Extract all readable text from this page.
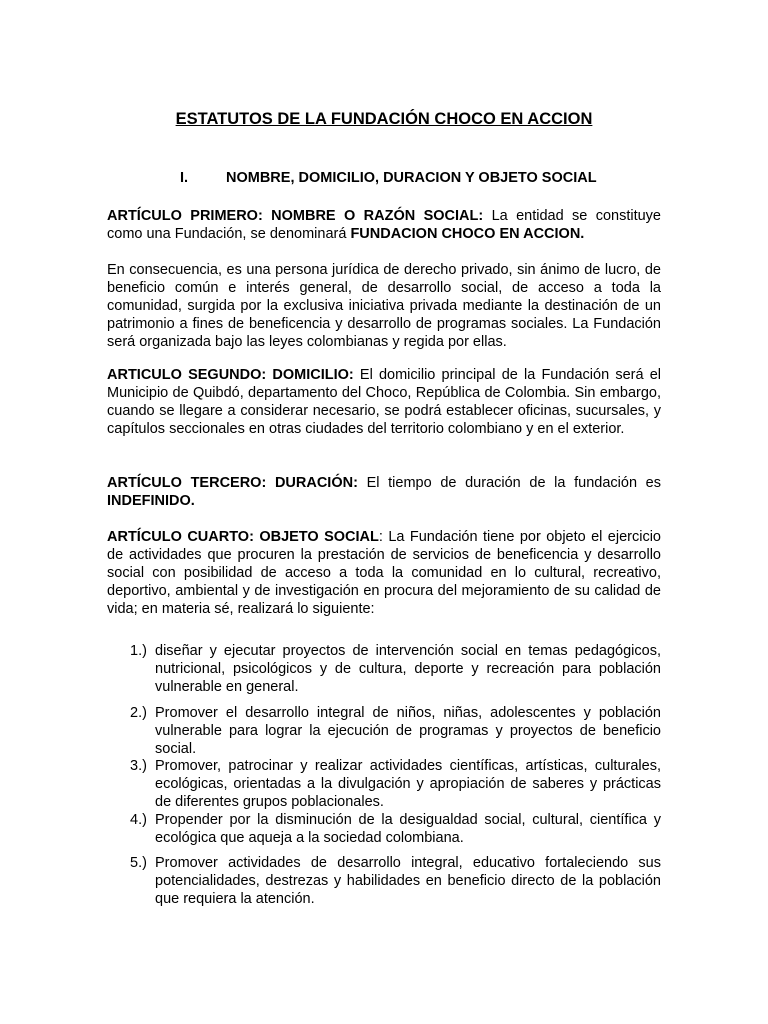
ESTATUTOS DE LA FUNDACIÓN CHOCO EN ACCION
I.	NOMBRE, DOMICILIO, DURACION Y OBJETO SOCIAL

ARTÍCULO PRIMERO: NOMBRE O RAZÓN SOCIAL: La entidad se constituye como una Fundación, se denominará FUNDACION CHOCO EN ACCION.

En consecuencia, es una persona jurídica de derecho privado, sin ánimo de lucro, de beneficio común e interés general, de desarrollo social, de acceso a toda la comunidad, surgida por la exclusiva iniciativa privada mediante la destinación de un patrimonio a fines de beneficencia y desarrollo de programas sociales. La Fundación será organizada bajo las leyes colombianas y regida por ellas.

ARTICULO SEGUNDO: DOMICILIO: El domicilio principal de la Fundación será el Municipio de Quibdó, departamento del Choco, República de Colombia. Sin embargo, cuando se llegare a considerar necesario, se podrá establecer oficinas, sucursales, y capítulos seccionales en otras ciudades del territorio colombiano y en el exterior.

ARTÍCULO TERCERO: DURACIÓN: El tiempo de duración de la fundación es INDEFINIDO.

ARTÍCULO CUARTO: OBJETO SOCIAL: La Fundación tiene por objeto el ejercicio de actividades que procuren la prestación de servicios de beneficencia y desarrollo social con posibilidad de acceso a toda la comunidad en lo cultural, recreativo, deportivo, ambiental y de investigación en procura del mejoramiento de su calidad de vida; en materia sé, realizará lo siguiente:

1.) diseñar y ejecutar proyectos de intervención social en temas pedagógicos, nutricional, psicológicos y de cultura, deporte y recreación para población vulnerable en general.
2.) Promover el desarrollo integral de niños, niñas, adolescentes y población vulnerable para lograr la ejecución de programas y proyectos de beneficio social.
3.) Promover, patrocinar y realizar actividades científicas, artísticas, culturales, ecológicas, orientadas a la divulgación y apropiación de saberes y prácticas de diferentes grupos poblacionales.
4.) Propender por la disminución de la desigualdad social, cultural, científica y ecológica que aqueja a la sociedad colombiana.
5.) Promover actividades de desarrollo integral, educativo fortaleciendo sus potencialidades, destrezas y habilidades en beneficio directo de la población que requiera la atención.
